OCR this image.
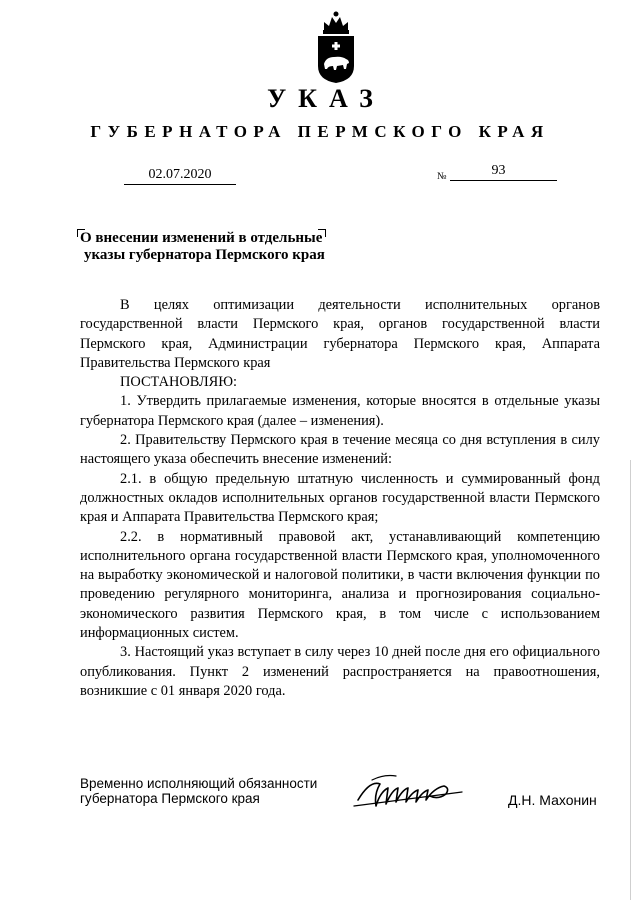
УКАЗ
ГУБЕРНАТОРА ПЕРМСКОГО КРАЯ
02.07.2020	№	93
О внесении изменений в отдельные
указы губернатора Пермского края

В целях оптимизации деятельности исполнительных органов государственной власти Пермского края, органов государственной власти Пермского края, Администрации губернатора Пермского края, Аппарата Правительства Пермского края

ПОСТАНОВЛЯЮ:

1. Утвердить прилагаемые изменения, которые вносятся в отдельные указы губернатора Пермского края (далее – изменения).

2. Правительству Пермского края в течение месяца со дня вступления в силу настоящего указа обеспечить внесение изменений:

2.1. в общую предельную штатную численность и суммированный фонд должностных окладов исполнительных органов государственной власти Пермского края и Аппарата Правительства Пермского края;

2.2. в нормативный правовой акт, устанавливающий компетенцию исполнительного органа государственной власти Пермского края, уполномоченного на выработку экономической и налоговой политики, в части включения функции по проведению регулярного мониторинга, анализа и прогнозирования социально-экономического развития Пермского края, в том числе с использованием информационных систем.

3. Настоящий указ вступает в силу через 10 дней после дня его официального опубликования. Пункт 2 изменений распространяется на правоотношения, возникшие с 01 января 2020 года.

Временно исполняющий обязанности
губернатора Пермского края	Д.Н. Махонин
